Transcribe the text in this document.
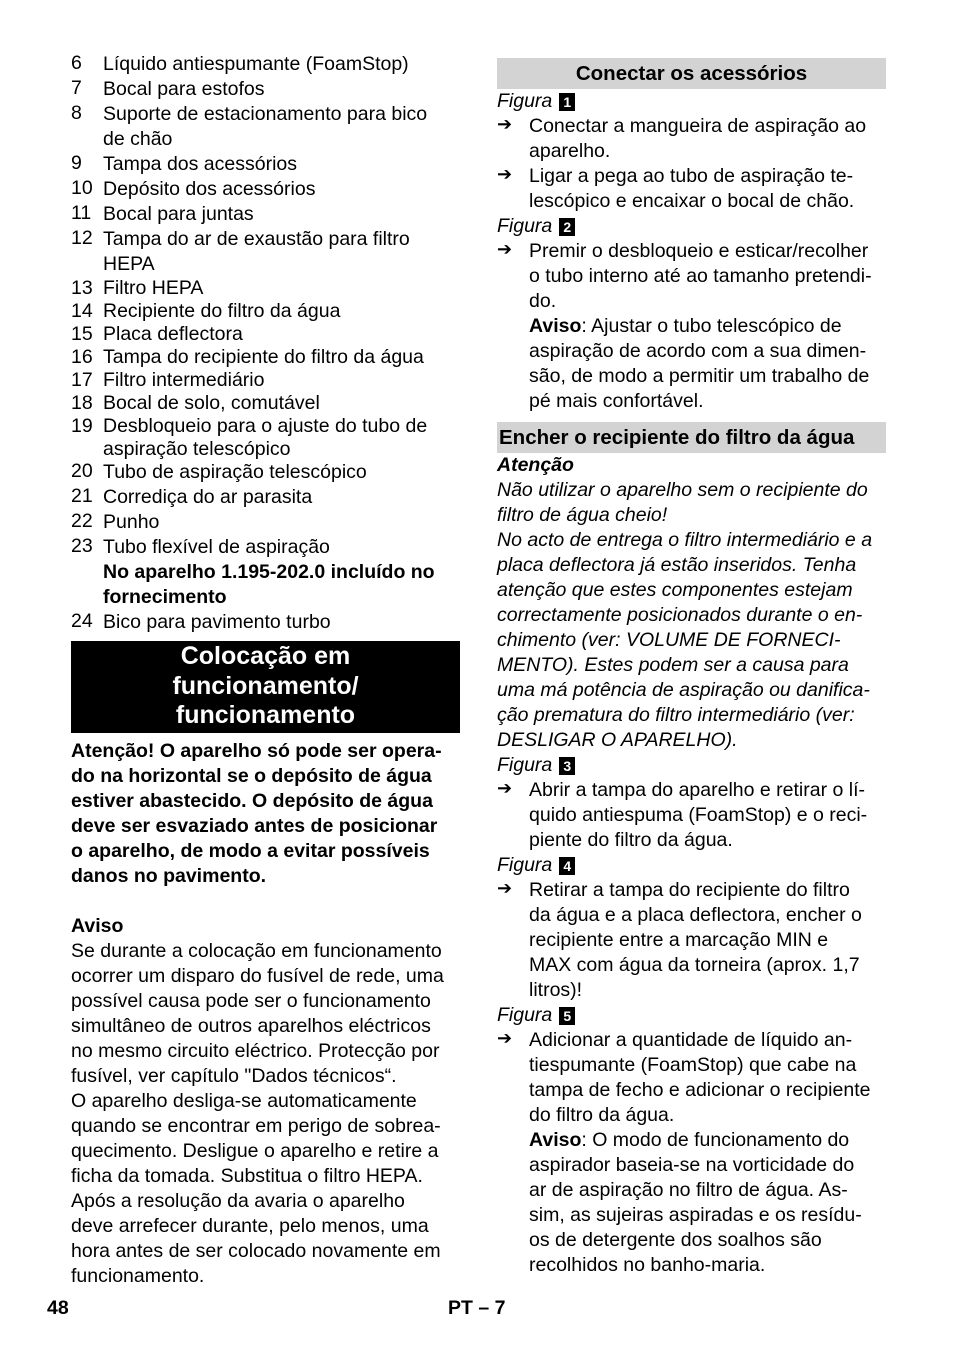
6	Líquido antiespumante (FoamStop)
7	Bocal para estofos
8	Suporte de estacionamento para bico
de chão
9	Tampa dos acessórios
10 Depósito dos acessórios
11 Bocal para juntas
12 Tampa do ar de exaustão para filtro
HEPA
13 Filtro HEPA
14 Recipiente do filtro da água
15 Placa deflectora
16 Tampa do recipiente do filtro da água
17 Filtro intermediário
18 Bocal de solo, comutável
19 Desbloqueio para o ajuste do tubo de
aspiração telescópico
20 Tubo de aspiração telescópico
21 Corrediça do ar parasita
22 Punho
23 Tubo flexível de aspiração
No aparelho 1.195-202.0 incluído no
fornecimento
24 Bico para pavimento turbo
Colocação em
funcionamento/
funcionamento
Atenção! O aparelho só pode ser opera-
do na horizontal se o depósito de água
estiver abastecido. O depósito de água
deve ser esvaziado antes de posicionar
o aparelho, de modo a evitar possíveis
danos no pavimento.
Aviso
Se durante a colocação em funcionamento
ocorrer um disparo do fusível de rede, uma
possível causa pode ser o funcionamento
simultâneo de outros aparelhos eléctricos
no mesmo circuito eléctrico. Protecção por
fusível, ver capítulo "Dados técnicos“.
O aparelho desliga-se automaticamente
quando se encontrar em perigo de sobrea-
quecimento. Desligue o aparelho e retire a
ficha da tomada. Substitua o filtro HEPA.
Após a resolução da avaria o aparelho
deve arrefecer durante, pelo menos, uma
hora antes de ser colocado novamente em
funcionamento.
Conectar os acessórios
Figura 1
➔ Conectar a mangueira de aspiração ao
aparelho.
➔ Ligar a pega ao tubo de aspiração te-
lescópico e encaixar o bocal de chão.
Figura 2
➔ Premir o desbloqueio e esticar/recolher
o tubo interno até ao tamanho pretendi-
do.
Aviso: Ajustar o tubo telescópico de
aspiração de acordo com a sua dimen-
são, de modo a permitir um trabalho de
pé mais confortável.
Encher o recipiente do filtro da água
Atenção
Não utilizar o aparelho sem o recipiente do
filtro de água cheio!
No acto de entrega o filtro intermediário e a
placa deflectora já estão inseridos. Tenha
atenção que estes componentes estejam
correctamente posicionados durante o en-
chimento (ver: VOLUME DE FORNECI-
MENTO). Estes podem ser a causa para
uma má potência de aspiração ou danifica-
ção prematura do filtro intermediário (ver:
DESLIGAR O APARELHO).
Figura 3
➔ Abrir a tampa do aparelho e retirar o lí-
quido antiespuma (FoamStop) e o reci-
piente do filtro da água.
Figura 4
➔ Retirar a tampa do recipiente do filtro
da água e a placa deflectora, encher o
recipiente entre a marcação MIN e
MAX com água da torneira (aprox. 1,7
litros)!
Figura 5
➔ Adicionar a quantidade de líquido an-
tiespumante (FoamStop) que cabe na
tampa de fecho e adicionar o recipiente
do filtro da água.
Aviso: O modo de funcionamento do
aspirador baseia-se na vorticidade do
ar de aspiração no filtro de água. As-
sim, as sujeiras aspiradas e os resídu-
os de detergente dos soalhos são
recolhidos no banho-maria.
48	PT – 7
